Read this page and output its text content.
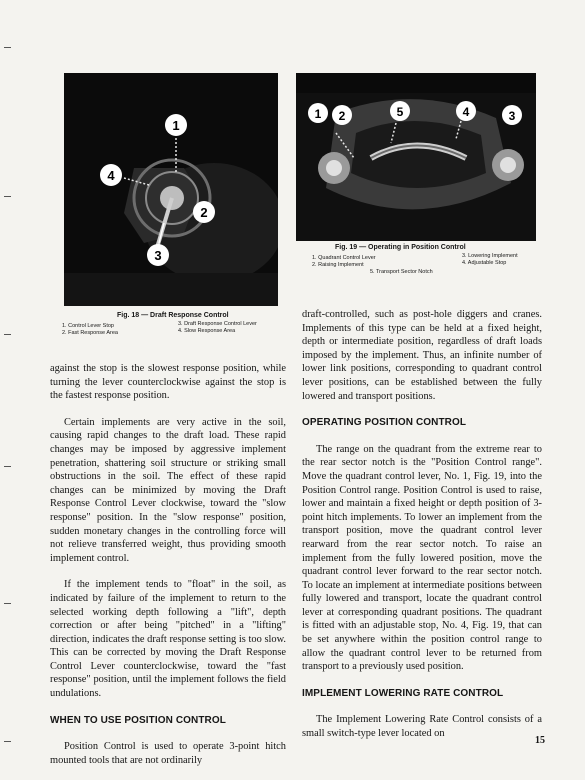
1
4
2
3
Fig. 18 — Draft Response Control
1. Control Lever Stop
2. Fast Response Area
3. Draft Response Control Lever
4. Slow Response Area
1 2	5	4	3
Fig. 19 — Operating in Position Control
1. Quadrant Control Lever
2. Raising Implement
3. Lowering Implement
4. Adjustable Stop
5. Transport Sector Notch

against the stop is the slowest response position, while turning the lever counterclockwise against the stop is the fastest response position.

Certain implements are very active in the soil, causing rapid changes to the draft load. These rapid changes may be imposed by aggressive implement penetration, shattering soil structure or striking small obstructions in the soil. The effect of these rapid changes can be minimized by moving the Draft Response Control Lever clockwise, toward the "slow response" position. In the "slow response" position, sudden monetary changes in the controlling force will not relieve transferred weight, thus providing smooth implement control.

If the implement tends to "float" in the soil, as indicated by failure of the implement to return to the selected working depth following a "lift", depth correction or after being "pitched" in a "lifting" direction, indicates the draft response setting is too slow. This can be corrected by moving the Draft Response Control Lever counterclockwise, toward the "fast response" position, until the implement follows the field undulations.

WHEN TO USE POSITION CONTROL

Position Control is used to operate 3-point hitch mounted tools that are not ordinarily

draft-controlled, such as post-hole diggers and cranes. Implements of this type can be held at a fixed height, depth or intermediate position, regardless of draft loads imposed by the implement. Thus, an infinite number of lower link positions, corresponding to quadrant control lever positions, can be established between the fully lowered and transport positions.

OPERATING POSITION CONTROL

The range on the quadrant from the extreme rear to the rear sector notch is the "Position Control range". Move the quadrant control lever, No. 1, Fig. 19, into the Position Control range. Position Control is used to raise, lower and maintain a fixed height or depth position of 3-point hitch implements. To lower an implement from the transport position, move the quadrant control lever rearward from the rear sector notch. To raise an implement from the fully lowered position, move the quadrant control lever forward to the rear sector notch. To locate an implement at intermediate positions between fully lowered and transport, locate the quadrant control lever at corresponding quadrant positions. The quadrant is fitted with an adjustable stop, No. 4, Fig. 19, that can be set anywhere within the position control range to allow the quadrant control lever to be returned from transport to a previously used position.

IMPLEMENT LOWERING RATE CONTROL

The Implement Lowering Rate Control consists of a small switch-type lever located on

15
